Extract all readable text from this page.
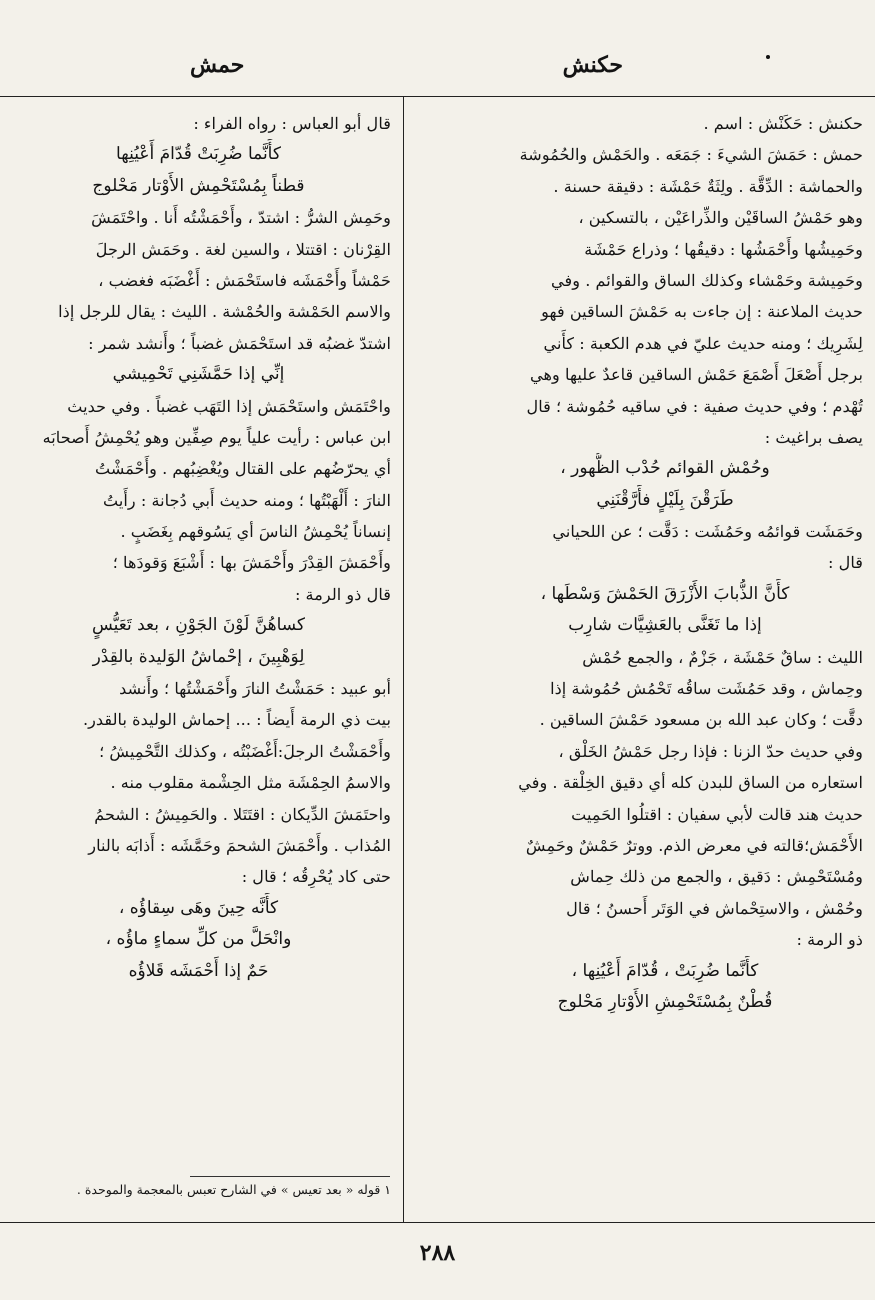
حكنش
حمش
حكنش : حَكَنْش : اسم .
حمش : حَمَشَ الشيءَ : جَمَعَه . والحَمْش والحُمُوشة
والحماشة : الدِّقَّة . ولِثَةٌ حَمْشَة : دقيقة حسنة .
وهو حَمْشُ الساقَيْن والذِّراعَيْن ، بالتسكين ،
وحَمِيشُها وأَحْمَشُها : دقيقُها ؛ وذراع حَمْشَة
وحَمِيشة وحَمْشاء وكذلك الساق والقوائم . وفي
حديث الملاعنة : إن جاءت به حَمْشَ الساقين فهو
لِشَرِيك ؛ ومنه حديث عليّ في هدم الكعبة : كأَني
برجل أَصْعَلَ أَصْمَعَ حَمْش الساقين قاعدٌ عليها وهي
تُهْدم ؛ وفي حديث صفية : في ساقيه حُمُوشة ؛ قال
يصف براغيث :
وحُمْش القوائم حُدْب الظُّهور ،
طَرَقْنَ بِلَيْلٍ فأَرَّقْنَنِي
وحَمَشَت قوائمُه وحَمُشَت : دَقَّت ؛ عن اللحياني
قال :
كأَنَّ الذُّبابَ الأَزْرَقَ الحَمْشَ وَسْطَها ،
إذا ما تَغَنَّى بالعَشِيَّات شارِب
الليث : ساقٌ حَمْشَة ، جَزْمٌ ، والجمع حُمْش
وحِماش ، وقد حَمُشَت ساقُه تَحْمُش حُمُوشة إذا
دقَّت ؛ وكان عبد الله بن مسعود حَمْشَ الساقين .
وفي حديث حدّ الزنا : فإذا رجل حَمْشُ الخَلْق ،
استعاره من الساق للبدن كله أي دقيق الخِلْقة . وفي
حديث هند قالت لأبي سفيان : اقتلُوا الحَمِيت
الأَحْمَش؛قالته في معرض الذم. ووترٌ حَمْشٌ وحَمِشٌ
ومُسْتَحْمِش : دَقيق ، والجمع من ذلك حِماش
وحُمْش ، والاستِحْماش في الوَتَر أَحسنُ ؛ قال
ذو الرمة :
كأَنَّما ضُرِبَتْ ، قُدّامَ أَعْيُنِها ،
قُطْنٌ بِمُسْتَحْمِشِ الأَوْتارِ مَحْلوج
قال أبو العباس : رواه الفراء :
كأَنَّما ضُرِبَتْ قُدّامَ أَعْيُنِها
قطناً بِمُسْتَحْمِش الأَوْتار مَحْلوج
وحَمِش الشرُّ : اشتدّ ، وأَحْمَشْتُه أَنا . واحْتَمَشَ
القِرْنان : اقتتلا ، والسين لغة . وحَمَش الرجلَ
حَمْشاً وأَحْمَشَه فاستَحْمَش : أَغْضَبَه فغضب ،
والاسم الحَمْشة والحُمْشة . الليث : يقال للرجل إذا
اشتدّ غضبُه قد استَحْمَش غضباً ؛ وأَنشد شمر :
إنِّي إذا حَمَّشَنِي تَحْمِيشي
واحْتَمَش واستَحْمَش إذا التَهَب غضباً . وفي حديث
ابن عباس : رأيت علياً يوم صِفِّين وهو يُحْمِشُ أَصحابَه
أي يحرّضُهم على القتال ويُغْضِبُهم . وأَحْمَشْتُ
النارَ : أَلْهَبْتُها ؛ ومنه حديث أَبي دُجانة : رأَيتُ
إنساناً يُحْمِشُ الناسَ أي يَسُوقهم بِغَضَبٍ .
وأَحْمَشَ القِدْرَ وأَحْمَشَ بها : أَشْبَعَ وَقودَها ؛
قال ذو الرمة :
كساهُنَّ لَوْنَ الجَوْنِ ، بعد تَعَيُّسٍ
لِوَهْبِينَ ، إحْماشُ الوَليدة بالقِدْر
أبو عبيد : حَمَشْتُ النارَ وأَحْمَشْتُها ؛ وأَنشد
بيت ذي الرمة أَيضاً : ... إحماش الوليدة بالقدر.
وأَحْمَشْتُ الرجلَ:أَغْضَبْتُه ، وكذلك التَّحْمِيشُ ؛
والاسمُ الحِمْشَة مثل الحِشْمة مقلوب منه .
واحتَمَشَ الدِّيكان : اقتَتَلا . والحَمِيشُ : الشحمُ
المُذاب . وأَحْمَشَ الشحمَ وحَمَّشَه : أَذابَه بالنار
حتى كاد يُحْرِقُه ؛ قال :
كأَنَّه حِينَ وهَى سِقاؤُه ،
وانْحَلَّ من كلِّ سماءٍ ماؤُه ،
حَمٌ إذا أَحْمَشَه قَلاؤُه
١ قوله « بعد تعيس » في الشارح تعبس بالمعجمة والموحدة .
٢٨٨
